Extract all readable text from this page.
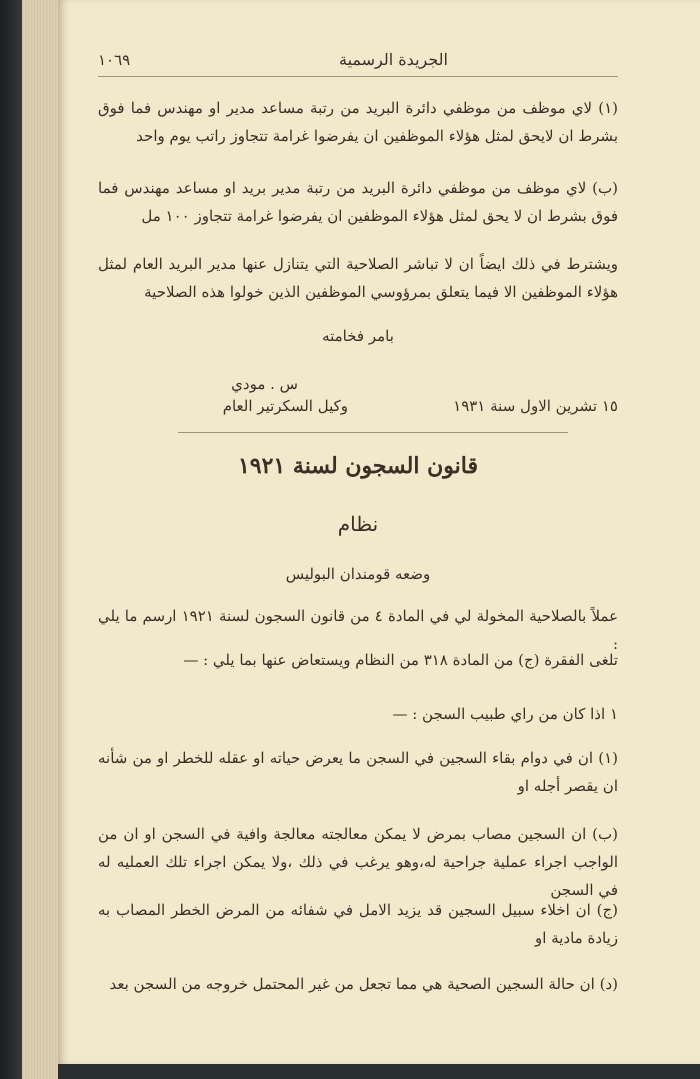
الجريدة الرسمية
١٠٦٩
(١) لاي موظف من موظفي دائرة البريد من رتبة مساعد مدير او مهندس فما فوق بشرط ان لايحق لمثل هؤلاء الموظفين ان يفرضوا غرامة تتجاوز راتب يوم واحد
(ب) لاي موظف من موظفي دائرة البريد من رتبة مدير بريد او مساعد مهندس فما فوق بشرط ان لا يحق لمثل هؤلاء الموظفين ان يفرضوا غرامة تتجاوز ١٠٠ مل
ويشترط في ذلك ايضاً ان لا تباشر الصلاحية التي يتنازل عنها مدير البريد العام لمثل هؤلاء الموظفين الا فيما يتعلق بمرؤوسي الموظفين الذين خولوا هذه الصلاحية
بامر فخامته
س . مودي
وكيل السكرتير العام	١٥ تشرين الاول سنة ١٩٣١
قانون السجون لسنة ١٩٢١
نظام
وضعه قومندان البوليس
عملاً بالصلاحية المخولة لي في المادة ٤ من قانون السجون لسنة ١٩٢١ ارسم ما يلي :
تلغى الفقرة (ج) من المادة ٣١٨ من النظام ويستعاض عنها بما يلي : —
١ اذا كان من راي طبيب السجن : —
(١) ان في دوام بقاء السجين في السجن ما يعرض حياته او عقله للخطر او من شأنه ان يقصر أجله او
(ب) ان السجين مصاب بمرض لا يمكن معالجته معالجة وافية في السجن او ان من الواجب اجراء عملية جراحية له،وهو يرغب في ذلك ،ولا يمكن اجراء تلك العمليه له في السجن
(ج) ان اخلاء سبيل السجين قد يزيد الامل في شفائه من المرض الخطر المصاب به زيادة مادية او
(د) ان حالة السجين الصحية هي مما تجعل من غير المحتمل خروجه من السجن بعد
